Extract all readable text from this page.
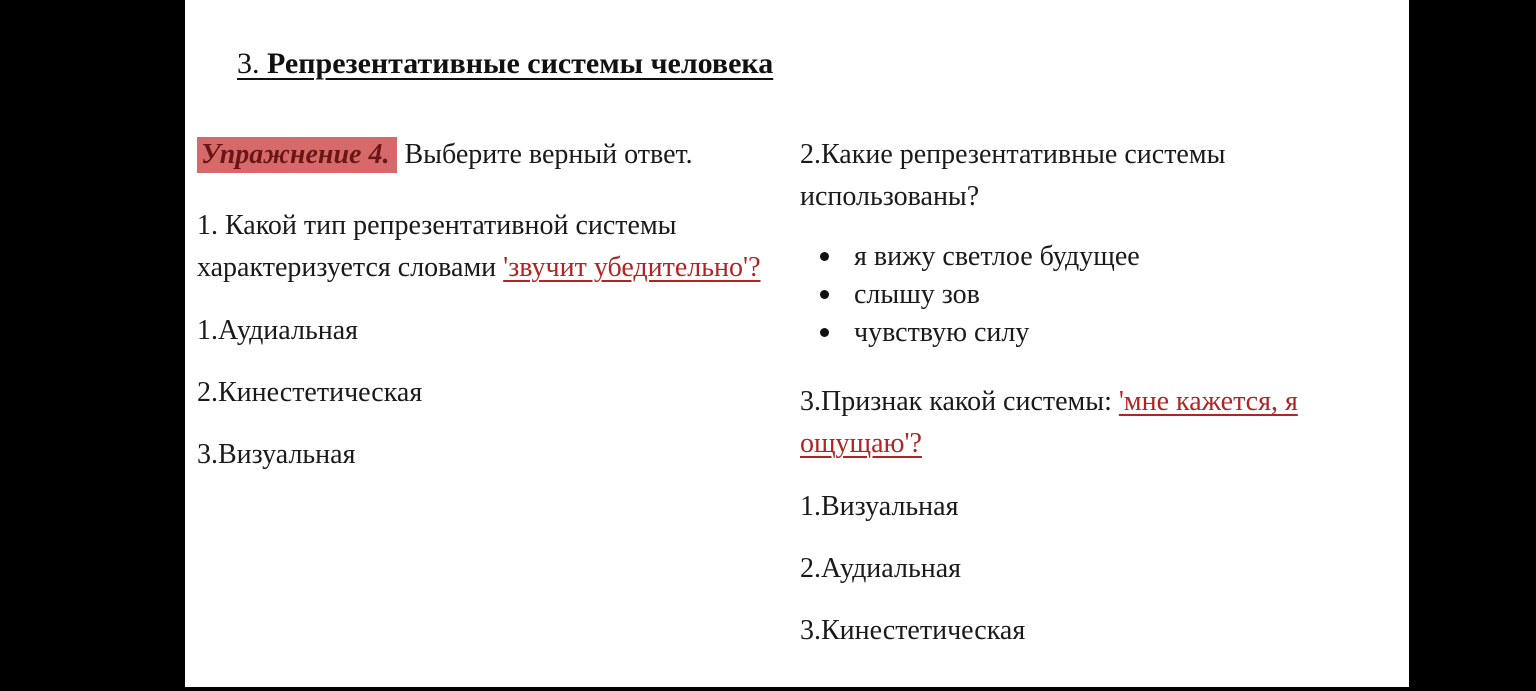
3. Репрезентативные системы человека

Упражнение 4. Выберите верный ответ.

1. Какой тип репрезентативной системы характеризуется словами 'звучит убедительно'?

1.Аудиальная

2.Кинестетическая

3.Визуальная

2.Какие репрезентативные системы использованы?

я вижу светлое будущее
слышу зов
чувствую силу

3.Признак какой системы: 'мне кажется, я ощущаю'?

1.Визуальная

2.Аудиальная

3.Кинестетическая
